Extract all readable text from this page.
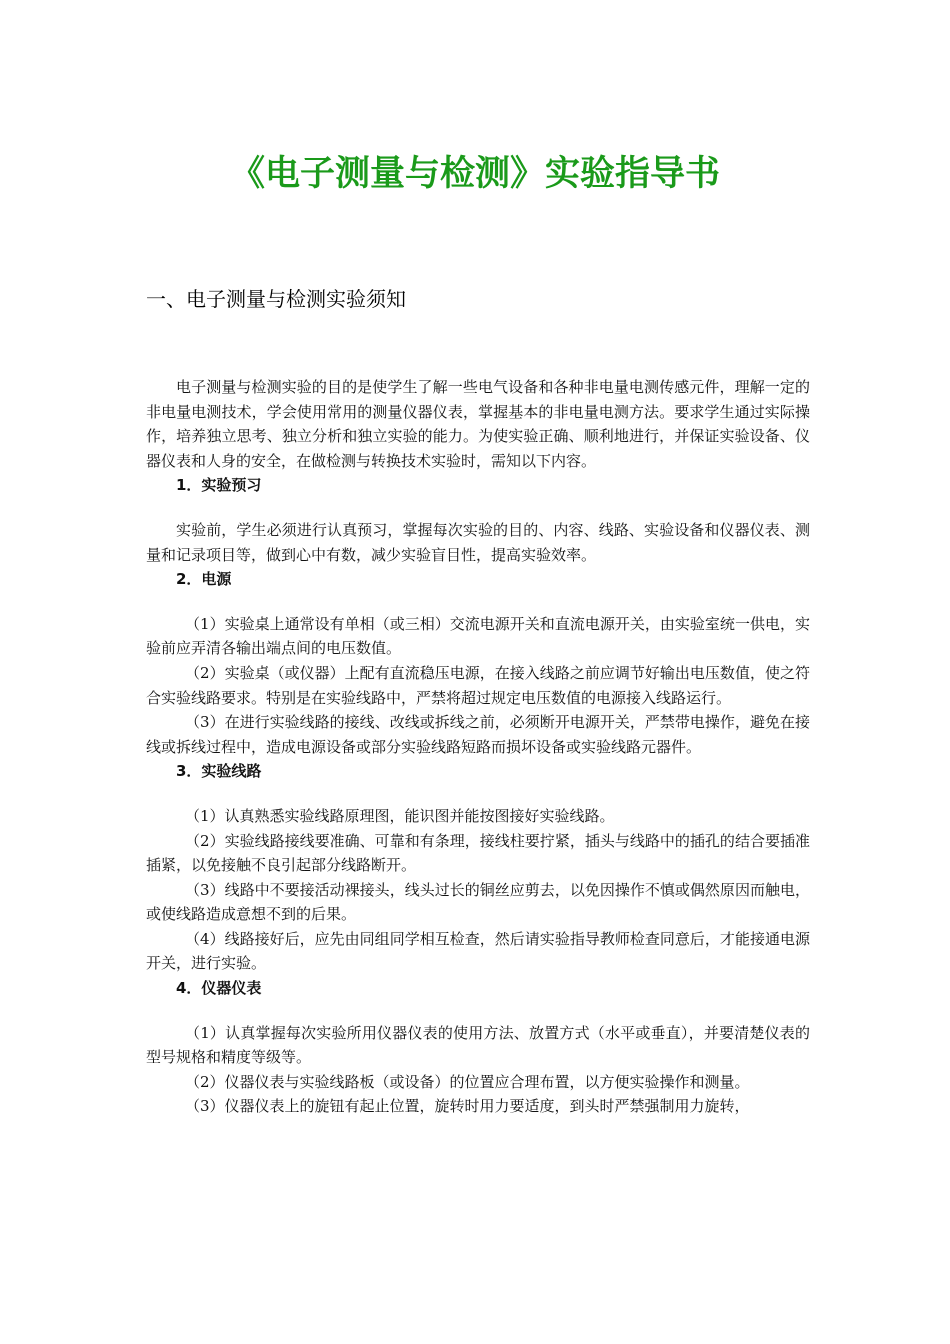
《电子测量与检测》实验指导书
一、电子测量与检测实验须知

电子测量与检测实验的目的是使学生了解一些电气设备和各种非电量电测传感元件，理解一定的非电量电测技术，学会使用常用的测量仪器仪表，掌握基本的非电量电测方法。要求学生通过实际操作，培养独立思考、独立分析和独立实验的能力。为使实验正确、顺利地进行，并保证实验设备、仪器仪表和人身的安全，在做检测与转换技术实验时，需知以下内容。

1．实验预习

实验前，学生必须进行认真预习，掌握每次实验的目的、内容、线路、实验设备和仪器仪表、测量和记录项目等，做到心中有数，减少实验盲目性，提高实验效率。

2．电源

（1）实验桌上通常设有单相（或三相）交流电源开关和直流电源开关，由实验室统一供电，实验前应弄清各输出端点间的电压数值。

（2）实验桌（或仪器）上配有直流稳压电源，在接入线路之前应调节好输出电压数值，使之符合实验线路要求。特别是在实验线路中，严禁将超过规定电压数值的电源接入线路运行。

（3）在进行实验线路的接线、改线或拆线之前，必须断开电源开关，严禁带电操作，避免在接线或拆线过程中，造成电源设备或部分实验线路短路而损坏设备或实验线路元器件。

3．实验线路

（1）认真熟悉实验线路原理图，能识图并能按图接好实验线路。

（2）实验线路接线要准确、可靠和有条理，接线柱要拧紧，插头与线路中的插孔的结合要插准插紧，以免接触不良引起部分线路断开。

（3）线路中不要接活动裸接头，线头过长的铜丝应剪去，以免因操作不慎或偶然原因而触电，或使线路造成意想不到的后果。

（4）线路接好后，应先由同组同学相互检查，然后请实验指导教师检查同意后，才能接通电源开关，进行实验。

4．仪器仪表

（1）认真掌握每次实验所用仪器仪表的使用方法、放置方式（水平或垂直），并要清楚仪表的型号规格和精度等级等。

（2）仪器仪表与实验线路板（或设备）的位置应合理布置，以方便实验操作和测量。

（3）仪器仪表上的旋钮有起止位置，旋转时用力要适度，到头时严禁强制用力旋转，
